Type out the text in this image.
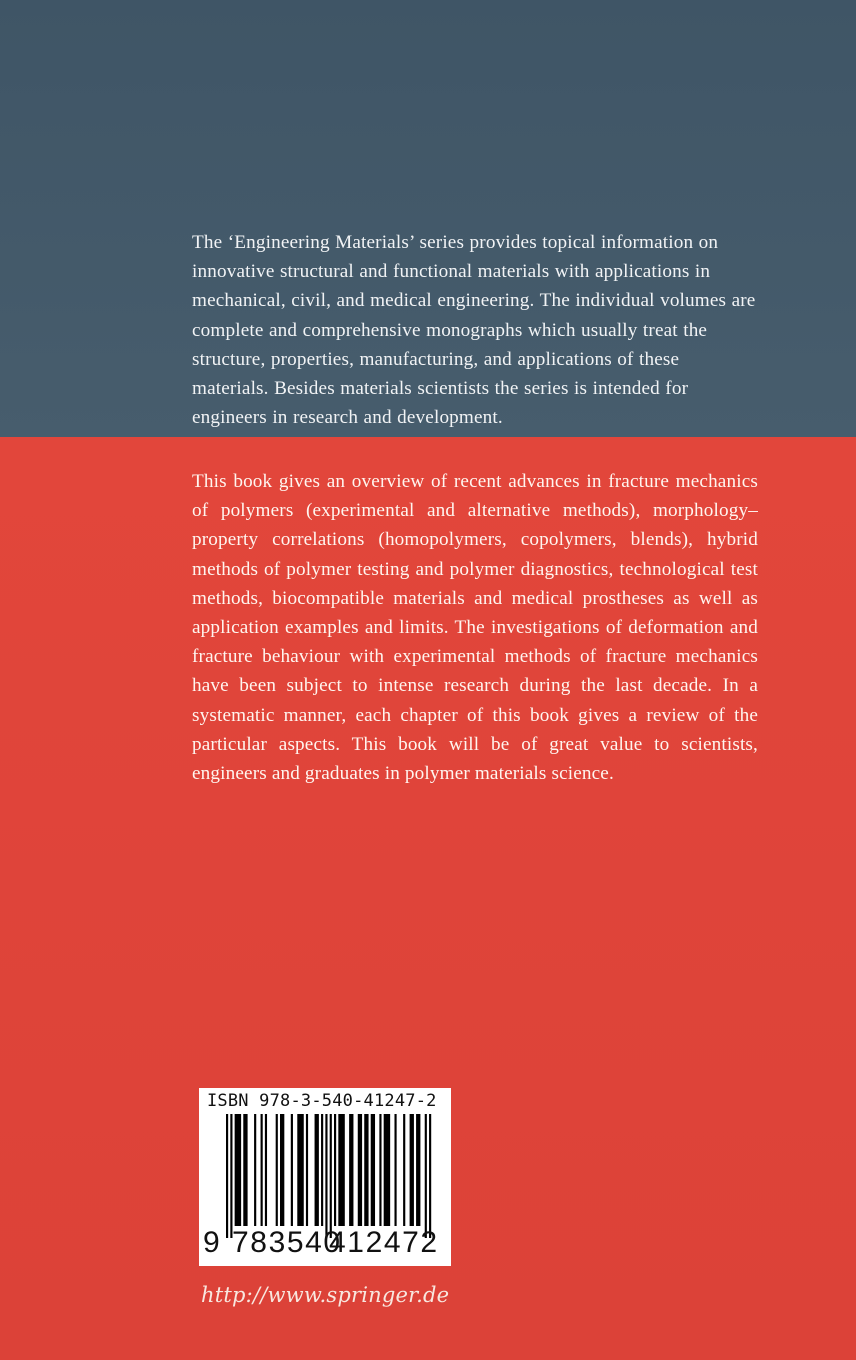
The ‘Engineering Materials’ series provides topical information on innovative structural and functional materials with applications in mechanical, civil, and medical engineering. The individual volumes are complete and comprehensive monographs which usually treat the structure, properties, manufacturing, and applications of these materials. Besides materials scientists the series is intended for engineers in research and development.

This book gives an overview of recent advances in fracture mechanics of polymers (experimental and alternative methods), morphology–property correlations (homopolymers, copolymers, blends), hybrid methods of polymer testing and polymer diagnostics, technological test methods, biocompatible materials and medical prostheses as well as application examples and limits. The investigations of deformation and fracture behaviour with experimental methods of fracture mechanics have been subject to intense research during the last decade. In a systematic manner, each chapter of this book gives a review of the particular aspects. This book will be of great value to scientists, engineers and graduates in polymer materials science.

ISBN 978-3-540-41247-2
9 783540
412472
http://www.springer.de
